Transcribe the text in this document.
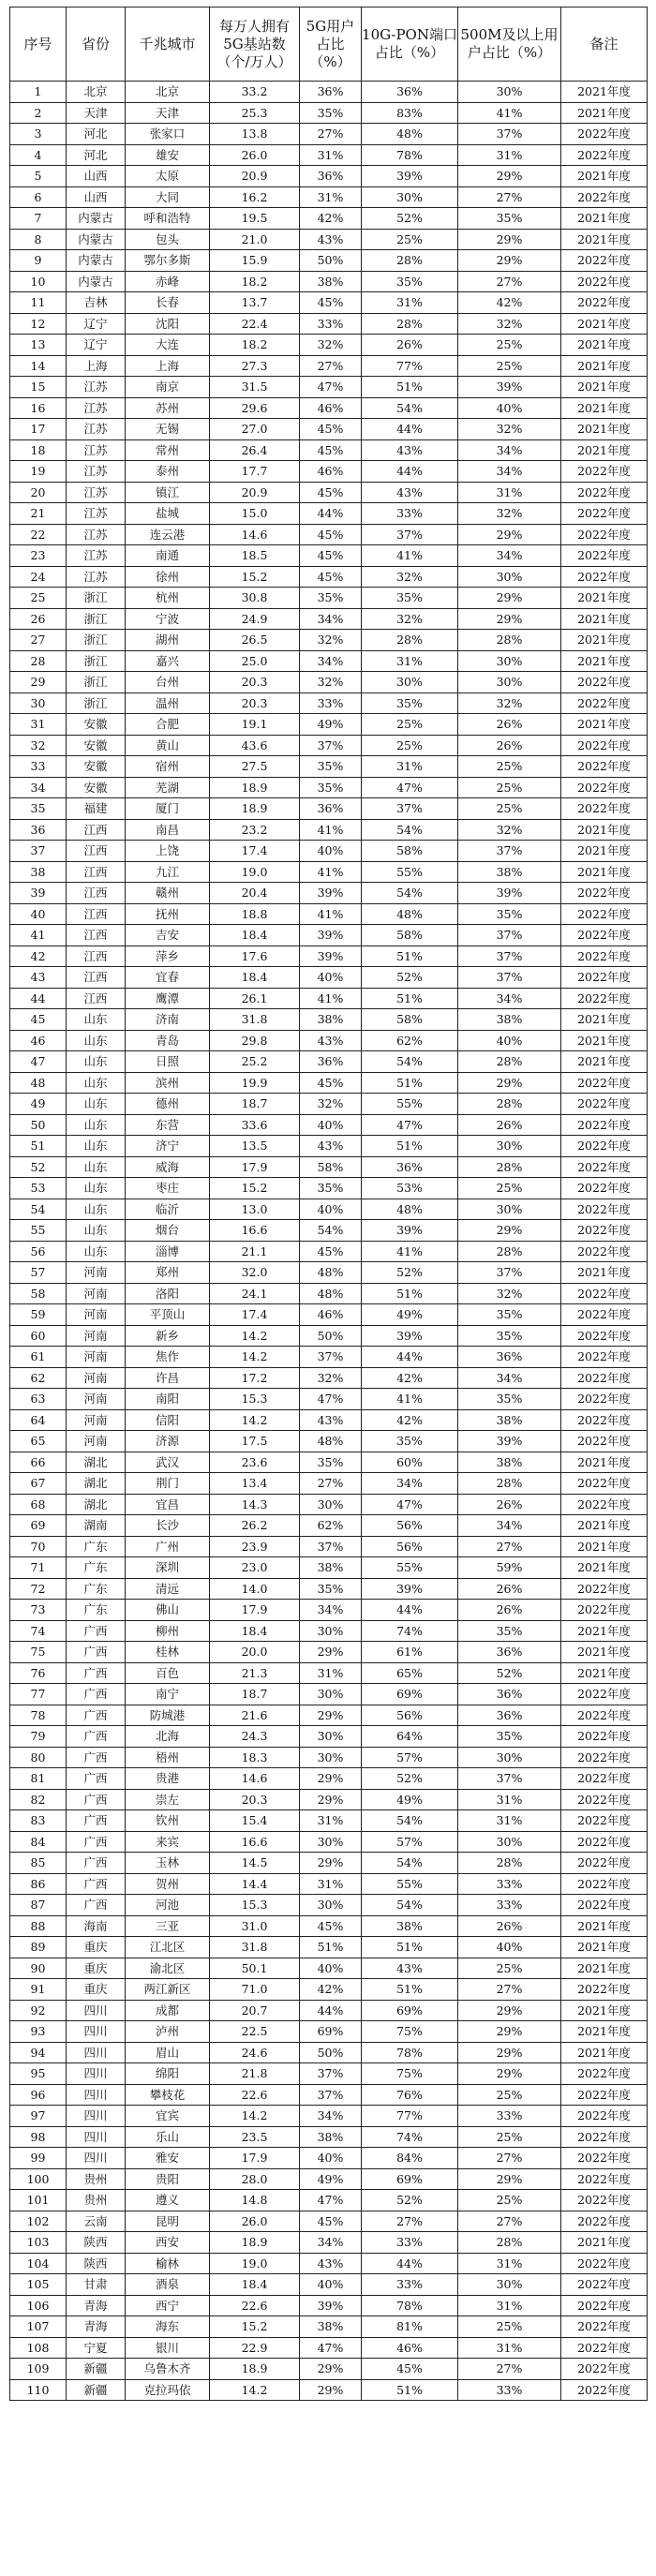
序号	省份	千兆城市	每万人拥有5G基站数（个/万人）	5G用户占比（%）	10G-PON端口占比（%）	500M及以上用户占比（%）	备注
1	北京	北京	33.2	36%	36%	30%	2021年度
2	天津	天津	25.3	35%	83%	41%	2021年度
3	河北	张家口	13.8	27%	48%	37%	2022年度
4	河北	雄安	26.0	31%	78%	31%	2022年度
5	山西	太原	20.9	36%	39%	29%	2021年度
6	山西	大同	16.2	31%	30%	27%	2022年度
7	内蒙古	呼和浩特	19.5	42%	52%	35%	2021年度
8	内蒙古	包头	21.0	43%	25%	29%	2021年度
9	内蒙古	鄂尔多斯	15.9	50%	28%	29%	2022年度
10	内蒙古	赤峰	18.2	38%	35%	27%	2022年度
11	吉林	长春	13.7	45%	31%	42%	2022年度
12	辽宁	沈阳	22.4	33%	28%	32%	2021年度
13	辽宁	大连	18.2	32%	26%	25%	2021年度
14	上海	上海	27.3	27%	77%	25%	2021年度
15	江苏	南京	31.5	47%	51%	39%	2021年度
16	江苏	苏州	29.6	46%	54%	40%	2021年度
17	江苏	无锡	27.0	45%	44%	32%	2021年度
18	江苏	常州	26.4	45%	43%	34%	2021年度
19	江苏	泰州	17.7	46%	44%	34%	2022年度
20	江苏	镇江	20.9	45%	43%	31%	2022年度
21	江苏	盐城	15.0	44%	33%	32%	2022年度
22	江苏	连云港	14.6	45%	37%	29%	2022年度
23	江苏	南通	18.5	45%	41%	34%	2022年度
24	江苏	徐州	15.2	45%	32%	30%	2022年度
25	浙江	杭州	30.8	35%	35%	29%	2021年度
26	浙江	宁波	24.9	34%	32%	29%	2021年度
27	浙江	湖州	26.5	32%	28%	28%	2021年度
28	浙江	嘉兴	25.0	34%	31%	30%	2021年度
29	浙江	台州	20.3	32%	30%	30%	2022年度
30	浙江	温州	20.3	33%	35%	32%	2022年度
31	安徽	合肥	19.1	49%	25%	26%	2021年度
32	安徽	黄山	43.6	37%	25%	26%	2022年度
33	安徽	宿州	27.5	35%	31%	25%	2022年度
34	安徽	芜湖	18.9	35%	47%	25%	2022年度
35	福建	厦门	18.9	36%	37%	25%	2022年度
36	江西	南昌	23.2	41%	54%	32%	2021年度
37	江西	上饶	17.4	40%	58%	37%	2021年度
38	江西	九江	19.0	41%	55%	38%	2021年度
39	江西	赣州	20.4	39%	54%	39%	2022年度
40	江西	抚州	18.8	41%	48%	35%	2022年度
41	江西	吉安	18.4	39%	58%	37%	2022年度
42	江西	萍乡	17.6	39%	51%	37%	2022年度
43	江西	宜春	18.4	40%	52%	37%	2022年度
44	江西	鹰潭	26.1	41%	51%	34%	2022年度
45	山东	济南	31.8	38%	58%	38%	2021年度
46	山东	青岛	29.8	43%	62%	40%	2021年度
47	山东	日照	25.2	36%	54%	28%	2021年度
48	山东	滨州	19.9	45%	51%	29%	2022年度
49	山东	德州	18.7	32%	55%	28%	2022年度
50	山东	东营	33.6	40%	47%	26%	2022年度
51	山东	济宁	13.5	43%	51%	30%	2022年度
52	山东	威海	17.9	58%	36%	28%	2022年度
53	山东	枣庄	15.2	35%	53%	25%	2022年度
54	山东	临沂	13.0	40%	48%	30%	2022年度
55	山东	烟台	16.6	54%	39%	29%	2022年度
56	山东	淄博	21.1	45%	41%	28%	2022年度
57	河南	郑州	32.0	48%	52%	37%	2021年度
58	河南	洛阳	24.1	48%	51%	32%	2022年度
59	河南	平顶山	17.4	46%	49%	35%	2022年度
60	河南	新乡	14.2	50%	39%	35%	2022年度
61	河南	焦作	14.2	37%	44%	36%	2022年度
62	河南	许昌	17.2	32%	42%	34%	2022年度
63	河南	南阳	15.3	47%	41%	35%	2022年度
64	河南	信阳	14.2	43%	42%	38%	2022年度
65	河南	济源	17.5	48%	35%	39%	2022年度
66	湖北	武汉	23.6	35%	60%	38%	2021年度
67	湖北	荆门	13.4	27%	34%	28%	2022年度
68	湖北	宜昌	14.3	30%	47%	26%	2022年度
69	湖南	长沙	26.2	62%	56%	34%	2021年度
70	广东	广州	23.9	37%	56%	27%	2021年度
71	广东	深圳	23.0	38%	55%	59%	2021年度
72	广东	清远	14.0	35%	39%	26%	2022年度
73	广东	佛山	17.9	34%	44%	26%	2022年度
74	广西	柳州	18.4	30%	74%	35%	2021年度
75	广西	桂林	20.0	29%	61%	36%	2021年度
76	广西	百色	21.3	31%	65%	52%	2021年度
77	广西	南宁	18.7	30%	69%	36%	2022年度
78	广西	防城港	21.6	29%	56%	36%	2022年度
79	广西	北海	24.3	30%	64%	35%	2022年度
80	广西	梧州	18.3	30%	57%	30%	2022年度
81	广西	贵港	14.6	29%	52%	37%	2022年度
82	广西	崇左	20.3	29%	49%	31%	2022年度
83	广西	钦州	15.4	31%	54%	31%	2022年度
84	广西	来宾	16.6	30%	57%	30%	2022年度
85	广西	玉林	14.5	29%	54%	28%	2022年度
86	广西	贺州	14.4	31%	55%	33%	2022年度
87	广西	河池	15.3	30%	54%	33%	2022年度
88	海南	三亚	31.0	45%	38%	26%	2021年度
89	重庆	江北区	31.8	51%	51%	40%	2021年度
90	重庆	渝北区	50.1	40%	43%	25%	2021年度
91	重庆	两江新区	71.0	42%	51%	27%	2022年度
92	四川	成都	20.7	44%	69%	29%	2021年度
93	四川	泸州	22.5	69%	75%	29%	2021年度
94	四川	眉山	24.6	50%	78%	29%	2021年度
95	四川	绵阳	21.8	37%	75%	29%	2022年度
96	四川	攀枝花	22.6	37%	76%	25%	2022年度
97	四川	宜宾	14.2	34%	77%	33%	2022年度
98	四川	乐山	23.5	38%	74%	25%	2022年度
99	四川	雅安	17.9	40%	84%	27%	2022年度
100	贵州	贵阳	28.0	49%	69%	29%	2022年度
101	贵州	遵义	14.8	47%	52%	25%	2022年度
102	云南	昆明	26.0	45%	27%	27%	2022年度
103	陕西	西安	18.9	34%	33%	28%	2021年度
104	陕西	榆林	19.0	43%	44%	31%	2022年度
105	甘肃	酒泉	18.4	40%	33%	30%	2022年度
106	青海	西宁	22.6	39%	78%	31%	2022年度
107	青海	海东	15.2	38%	81%	25%	2022年度
108	宁夏	银川	22.9	47%	46%	31%	2022年度
109	新疆	乌鲁木齐	18.9	29%	45%	27%	2022年度
110	新疆	克拉玛依	14.2	29%	51%	33%	2022年度
